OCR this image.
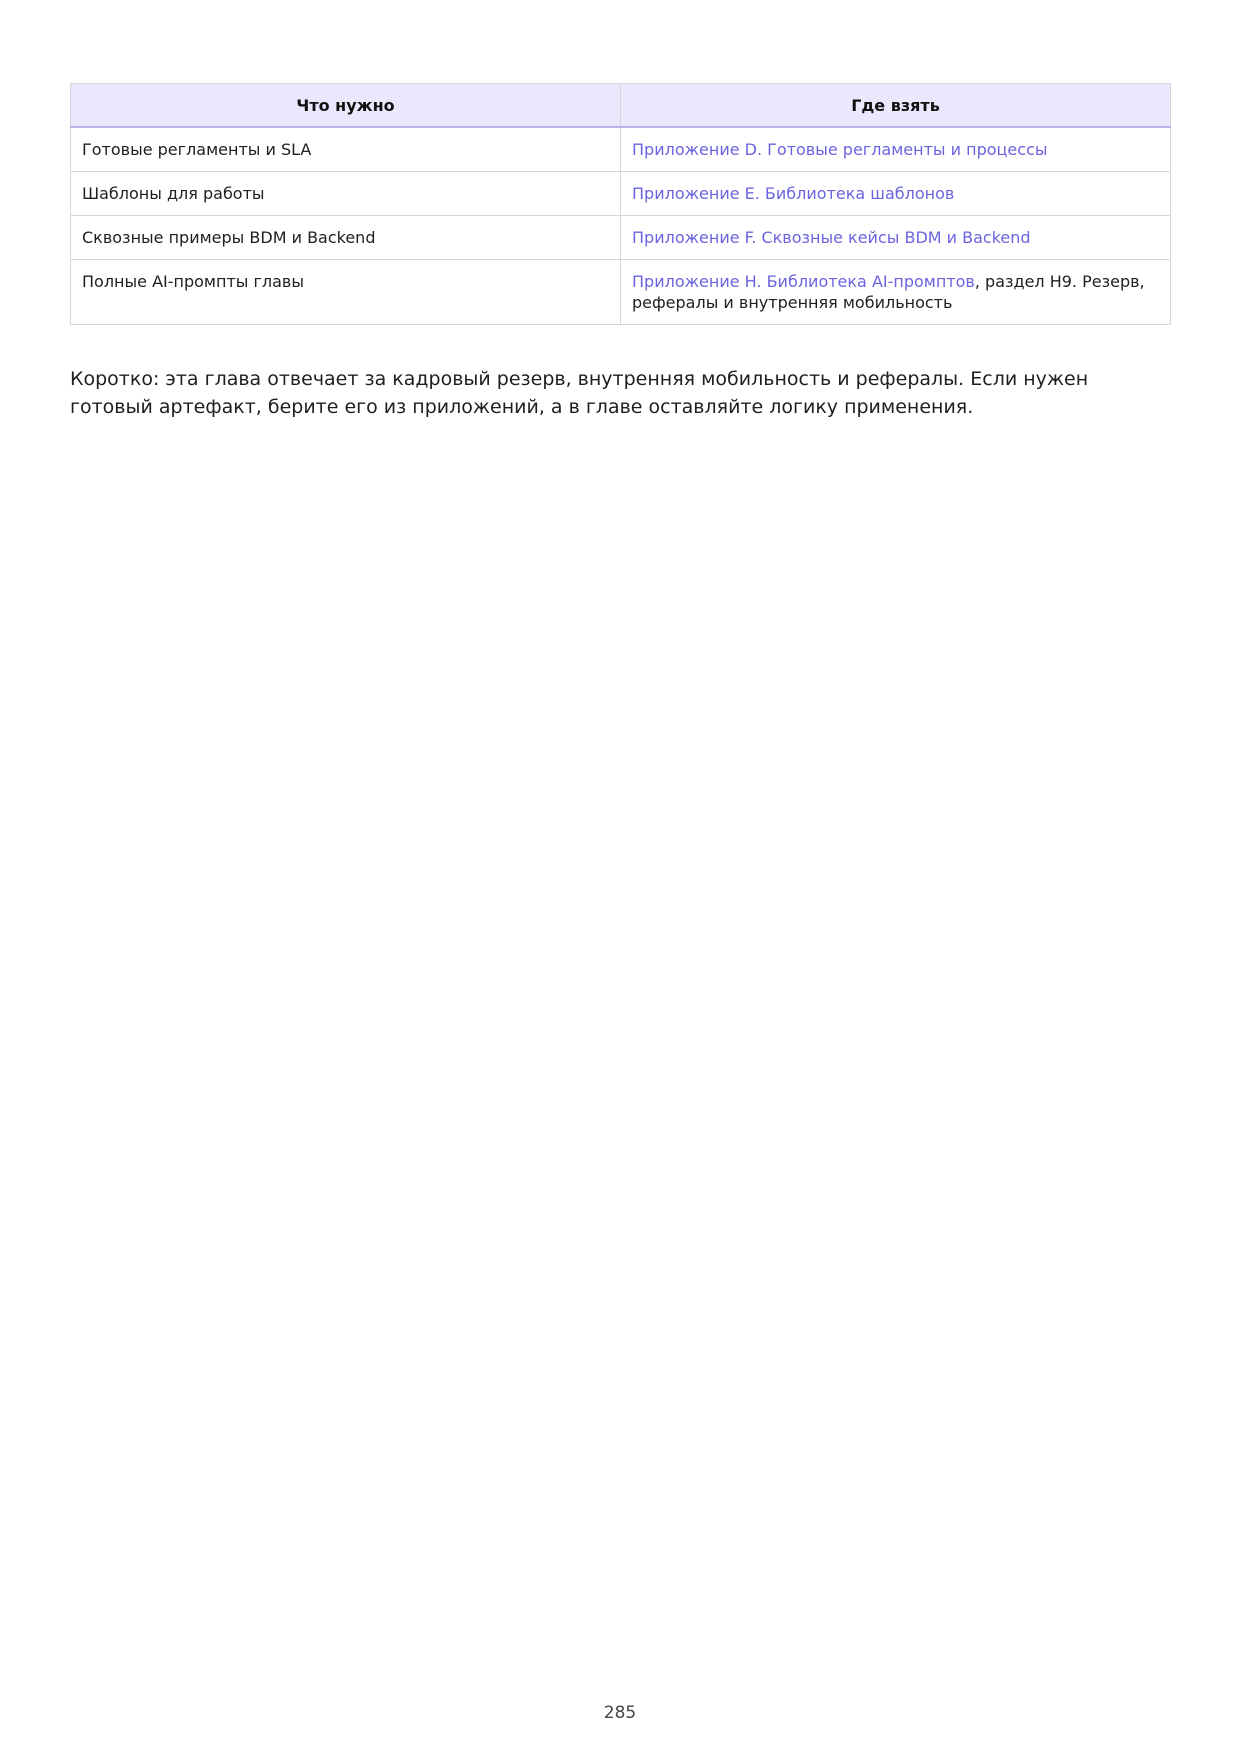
Что нужно	Где взять
Готовые регламенты и SLA	Приложение D. Готовые регламенты и процессы
Шаблоны для работы	Приложение E. Библиотека шаблонов
Сквозные примеры BDM и Backend	Приложение F. Сквозные кейсы BDM и Backend
Полные AI-промпты главы	Приложение H. Библиотека AI-промптов, раздел H9. Резерв, рефералы и внутренняя мобильность

Коротко: эта глава отвечает за кадровый резерв, внутренняя мобильность и рефералы. Если нужен готовый артефакт, берите его из приложений, а в главе оставляйте логику применения.

285
